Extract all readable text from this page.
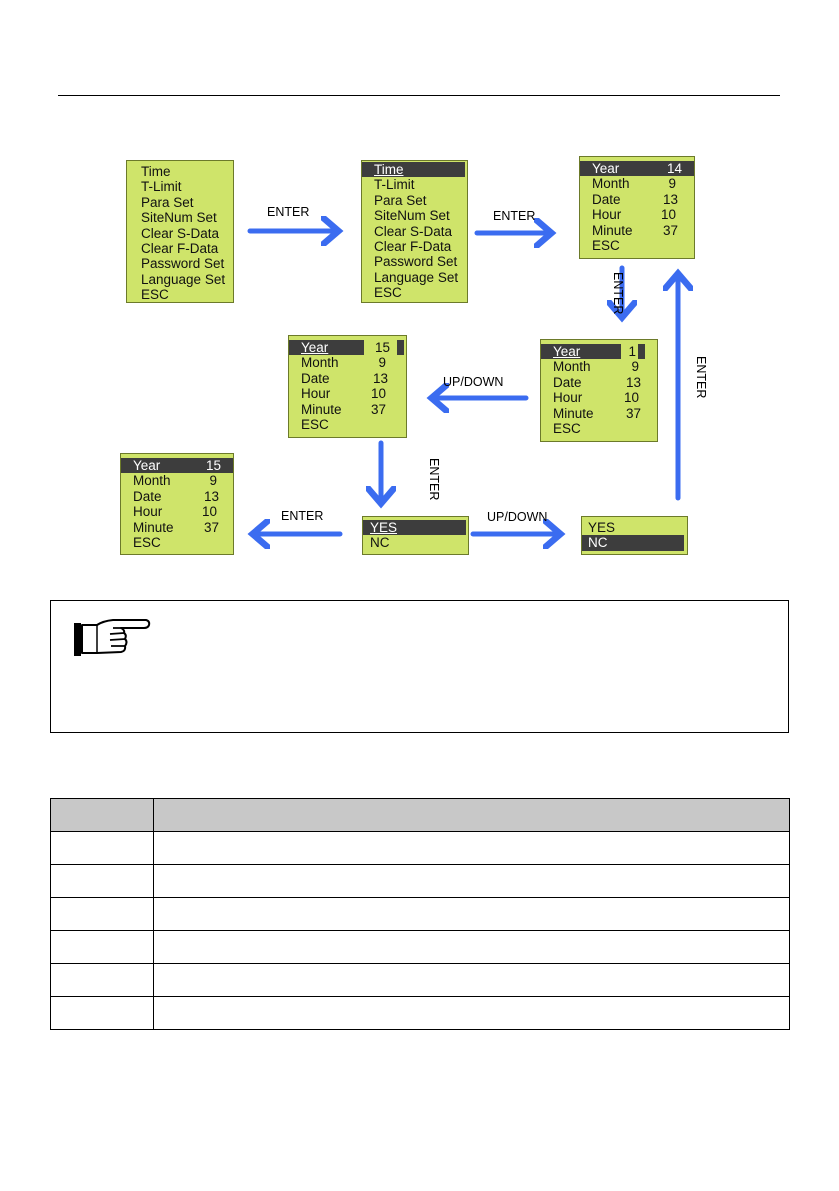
ENTER	ENTER
UP/DOWN
ENTER	UP/DOWN
ENTER
ENTER
ENTER
Time
T-Limit
Para Set
SiteNum Set
Clear S-Data
Clear F-Data
Password Set
Language Set
ESC
Time
T-Limit
Para Set
SiteNum Set
Clear S-Data
Clear F-Data
Password Set
Language Set
ESC
Year	14
Month	9
Date	13
Hour	10
Minute 37
ESC
Year	1
Month	9
Date	13
Hour	10
Minute 37
ESC
Year	15
Month	9
Date	13
Hour	10
Minute 37
ESC
Year	15
Month	9
Date	13
Hour	10
Minute 37
ESC
YES
NC
YES
NC
